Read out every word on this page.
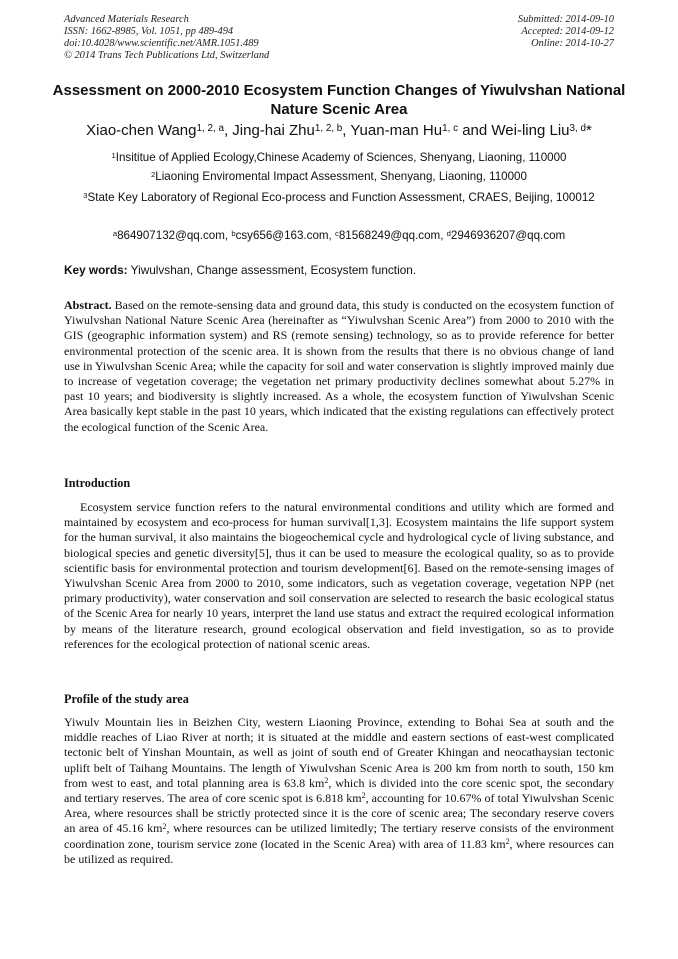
Advanced Materials Research
ISSN: 1662-8985, Vol. 1051, pp 489-494
doi:10.4028/www.scientific.net/AMR.1051.489
© 2014 Trans Tech Publications Ltd, Switzerland
Submitted: 2014-09-10
Accepted: 2014-09-12
Online: 2014-10-27
Assessment on 2000-2010 Ecosystem Function Changes of Yiwulvshan National Nature Scenic Area
Xiao-chen Wang$^{1, 2, a}$, Jing-hai Zhu$^{1, 2, b}$, Yuan-man Hu$^{1, c}$ and Wei-ling Liu$^{3, d}$*
$^1$Insititue of Applied Ecology,Chinese Academy of Sciences, Shenyang, Liaoning, 110000
$^2$Liaoning Enviromental Impact Assessment, Shenyang, Liaoning, 110000
$^3$State Key Laboratory of Regional Eco-process and Function Assessment, CRAES, Beijing, 100012
$^a$864907132@qq.com, $^b$csy656@163.com, $^c$81568249@qq.com, $^d$2946936207@qq.com
Key words: Yiwulvshan, Change assessment, Ecosystem function.
Abstract. Based on the remote-sensing data and ground data, this study is conducted on the ecosystem function of Yiwulvshan National Nature Scenic Area (hereinafter as “Yiwulvshan Scenic Area”) from 2000 to 2010 with the GIS (geographic information system) and RS (remote sensing) technology, so as to provide reference for better environmental protection of the scenic area. It is shown from the results that there is no obvious change of land use in Yiwulvshan Scenic Area; while the capacity for soil and water conservation is slightly improved mainly due to increase of vegetation coverage; the vegetation net primary productivity declines somewhat about 5.27% in past 10 years; and biodiversity is slightly increased. As a whole, the ecosystem function of Yiwulvshan Scenic Area basically kept stable in the past 10 years, which indicated that the existing regulations can effectively protect the ecological function of the Scenic Area.
Introduction
Ecosystem service function refers to the natural environmental conditions and utility which are formed and maintained by ecosystem and eco-process for human survival[1,3]. Ecosystem maintains the life support system for the human survival, it also maintains the biogeochemical cycle and hydrological cycle of living substance, and biological species and genetic diversity[5], thus it can be used to measure the ecological quality, so as to provide scientific basis for environmental protection and tourism development[6]. Based on the remote-sensing images of Yiwulvshan Scenic Area from 2000 to 2010, some indicators, such as vegetation coverage, vegetation NPP (net primary productivity), water conservation and soil conservation are selected to research the basic ecological status of the Scenic Area for nearly 10 years, interpret the land use status and extract the required ecological information by means of the literature research, ground ecological observation and field investigation, so as to provide references for the ecological protection of national scenic areas.
Profile of the study area
Yiwulv Mountain lies in Beizhen City, western Liaoning Province, extending to Bohai Sea at south and the middle reaches of Liao River at north; it is situated at the middle and eastern sections of east-west complicated tectonic belt of Yinshan Mountain, as well as joint of south end of Greater Khingan and neocathaysian tectonic uplift belt of Taihang Mountains. The length of Yiwulvshan Scenic Area is 200 km from north to south, 150 km from west to east, and total planning area is 63.8 $km^2$, which is divided into the core scenic spot, the secondary and tertiary reserves. The area of core scenic spot is 6.818 $km^2$, accounting for 10.67% of total Yiwulvshan Scenic Area, where resources shall be strictly protected since it is the core of scenic area; The secondary reserve covers an area of 45.16 $km^2$, where resources can be utilized limitedly; The tertiary reserve consists of the environment coordination zone, tourism service zone (located in the Scenic Area) with area of 11.83 $km^2$, where resources can be utilized as required.
